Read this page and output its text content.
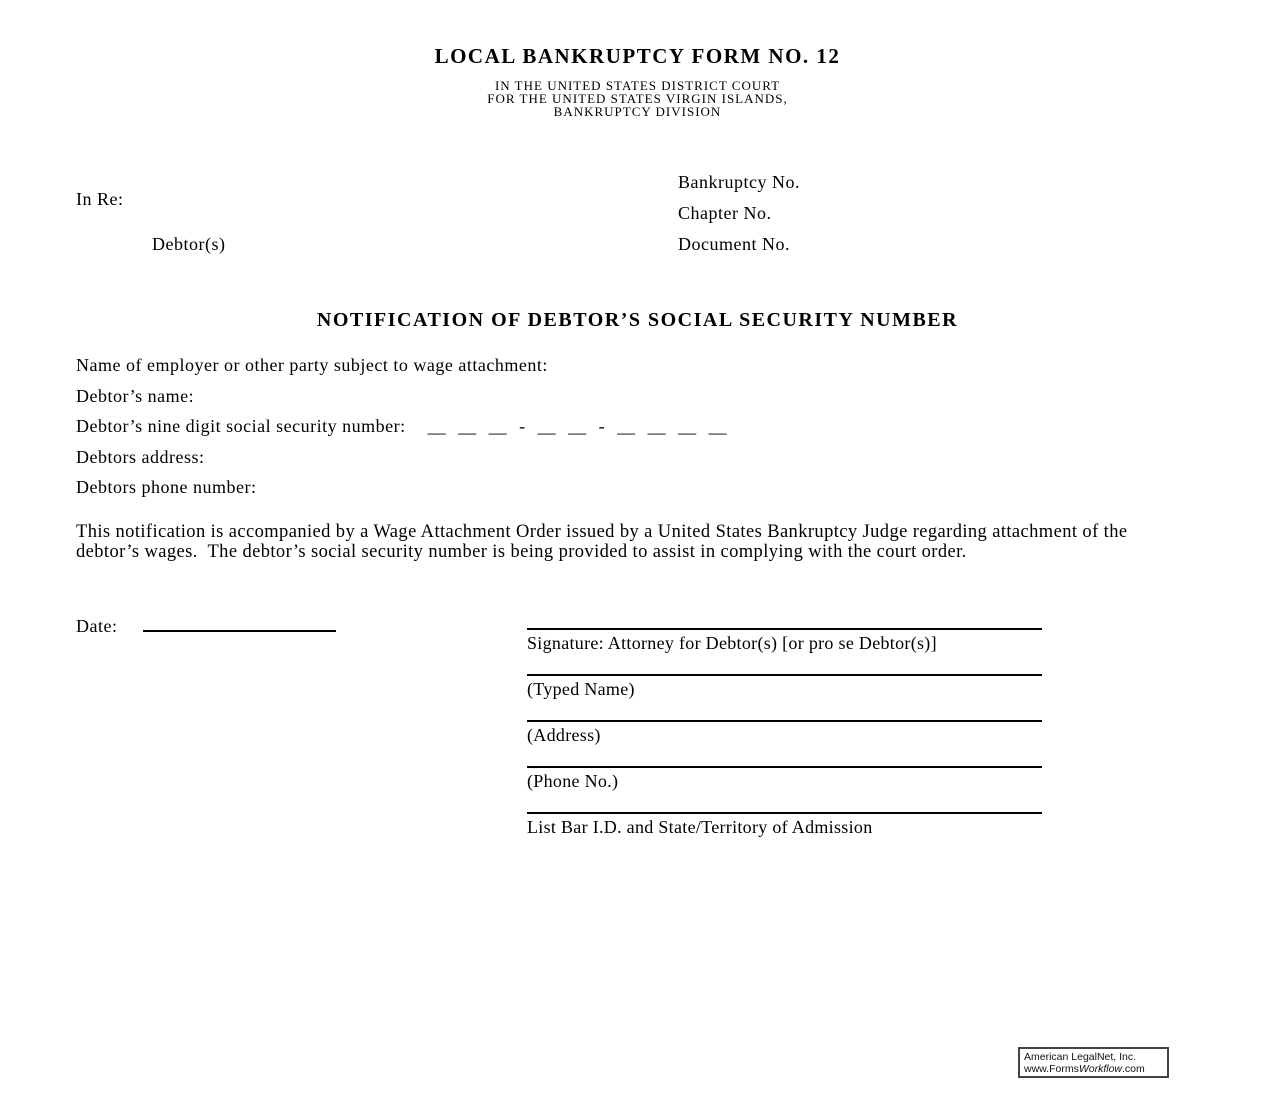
LOCAL BANKRUPTCY FORM NO. 12
IN THE UNITED STATES DISTRICT COURT
FOR THE UNITED STATES VIRGIN ISLANDS,
BANKRUPTCY DIVISION
In Re:
Debtor(s)
Bankruptcy No.
Chapter No.
Document No.
NOTIFICATION OF DEBTOR’S SOCIAL SECURITY NUMBER
Name of employer or other party subject to wage attachment:
Debtor’s name:
Debtor’s nine digit social security number: __ __ __ - __ __ - __ __ __ __
Debtors address:
Debtors phone number:
This notification is accompanied by a Wage Attachment Order issued by a United States Bankruptcy Judge regarding attachment of the debtor’s wages.  The debtor’s social security number is being provided to assist in complying with the court order.
Date:
Signature: Attorney for Debtor(s) [or pro se Debtor(s)]
(Typed Name)
(Address)
(Phone No.)
List Bar I.D. and State/Territory of Admission
American LegalNet, Inc.
www.FormsWorkflow.com
